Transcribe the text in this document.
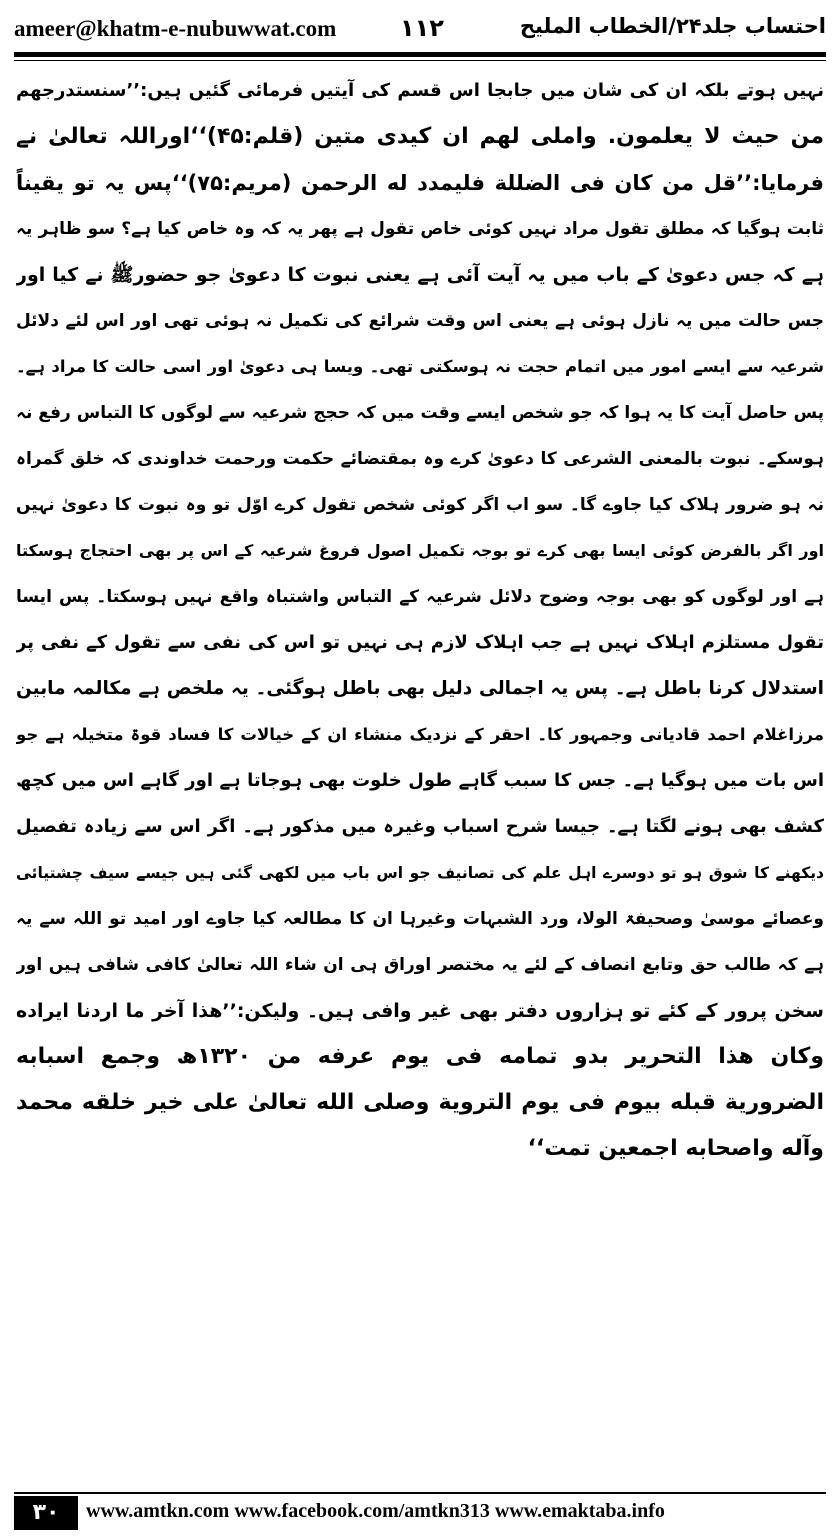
ameer@khatm-e-nubuwwat.com	۱۱۲	احتساب جلد۲۴/الخطاب الملیح
نہیں ہوتے بلکہ ان کی شان میں جابجا اس قسم کی آیتیں فرمائی گئیں ہیں:’’سنستدرجھم
من حیث لا یعلمون. واملی لھم ان کیدی متین (قلم:۴۵)‘‘اوراللہ تعالیٰ نے
فرمایا:’’قل من کان فی الضللة فلیمدد له الرحمن (مریم:۷۵)‘‘پس یہ تو یقیناً
ثابت ہوگیا کہ مطلق تقول مراد نہیں کوئی خاص تقول ہے پھر یہ کہ وہ خاص کیا ہے؟ سو ظاہر یہ
ہے کہ جس دعویٰ کے باب میں یہ آیت آئی ہے یعنی نبوت کا دعویٰ جو حضورﷺ نے کیا اور
جس حالت میں یہ نازل ہوئی ہے یعنی اس وقت شرائع کی تکمیل نہ ہوئی تھی اور اس لئے دلائل
شرعیہ سے ایسے امور میں اتمام حجت نہ ہوسکتی تھی۔ ویسا ہی دعویٰ اور اسی حالت کا مراد ہے۔
پس حاصل آیت کا یہ ہوا کہ جو شخص ایسے وقت میں کہ حجج شرعیہ سے لوگوں کا التباس رفع نہ
ہوسکے۔ نبوت بالمعنی الشرعی کا دعویٰ کرے وہ بمقتضائے حکمت ورحمت خداوندی کہ خلق گمراہ
نہ ہو ضرور ہلاک کیا جاوے گا۔ سو اب اگر کوئی شخص تقول کرے اوّل تو وہ نبوت کا دعویٰ نہیں
اور اگر بالفرض کوئی ایسا بھی کرے تو بوجہ تکمیل اصول فروغ شرعیہ کے اس پر بھی احتجاج ہوسکتا
ہے اور لوگوں کو بھی بوجہ وضوح دلائل شرعیہ کے التباس واشتباہ واقع نہیں ہوسکتا۔ پس ایسا
تقول مستلزم اہلاک نہیں ہے جب اہلاک لازم ہی نہیں تو اس کی نفی سے تقول کے نفی پر
استدلال کرنا باطل ہے۔ پس یہ اجمالی دلیل بھی باطل ہوگئی۔ یہ ملخص ہے مکالمہ مابین
مرزاغلام احمد قادیانی وجمہور کا۔ احقر کے نزدیک منشاء ان کے خیالات کا فساد قوۃ متخیلہ ہے جو
اس بات میں ہوگیا ہے۔ جس کا سبب گاہے طول خلوت بھی ہوجاتا ہے اور گاہے اس میں کچھ
کشف بھی ہونے لگتا ہے۔ جیسا شرح اسباب وغیرہ میں مذکور ہے۔ اگر اس سے زیادہ تفصیل
دیکھنے کا شوق ہو تو دوسرے اہل علم کی تصانیف جو اس باب میں لکھی گئی ہیں جیسے سیف چشتیائی
وعصائے موسیٰ وصحیفۃ الولا، ورد الشبہات وغیرہا ان کا مطالعہ کیا جاوے اور امید تو اللہ سے یہ
ہے کہ طالب حق وتابع انصاف کے لئے یہ مختصر اوراق ہی ان شاء اللہ تعالیٰ کافی شافی ہیں اور
سخن پرور کے کئے تو ہزاروں دفتر بھی غیر وافی ہیں۔ ولیکن:’’ھذا آخر ما اردنا ایراده
وکان ھذا التحریر بدو تمامه فی یوم عرفه من ۱۳۲۰ھ وجمع اسبابه
الضروریة قبله بیوم فی یوم الترویة وصلی الله تعالیٰ علی خیر خلقه محمد
وآله واصحابه اجمعین تمت‘‘
۳۰	www.amtkn.com www.facebook.com/amtkn313 www.emaktaba.info
